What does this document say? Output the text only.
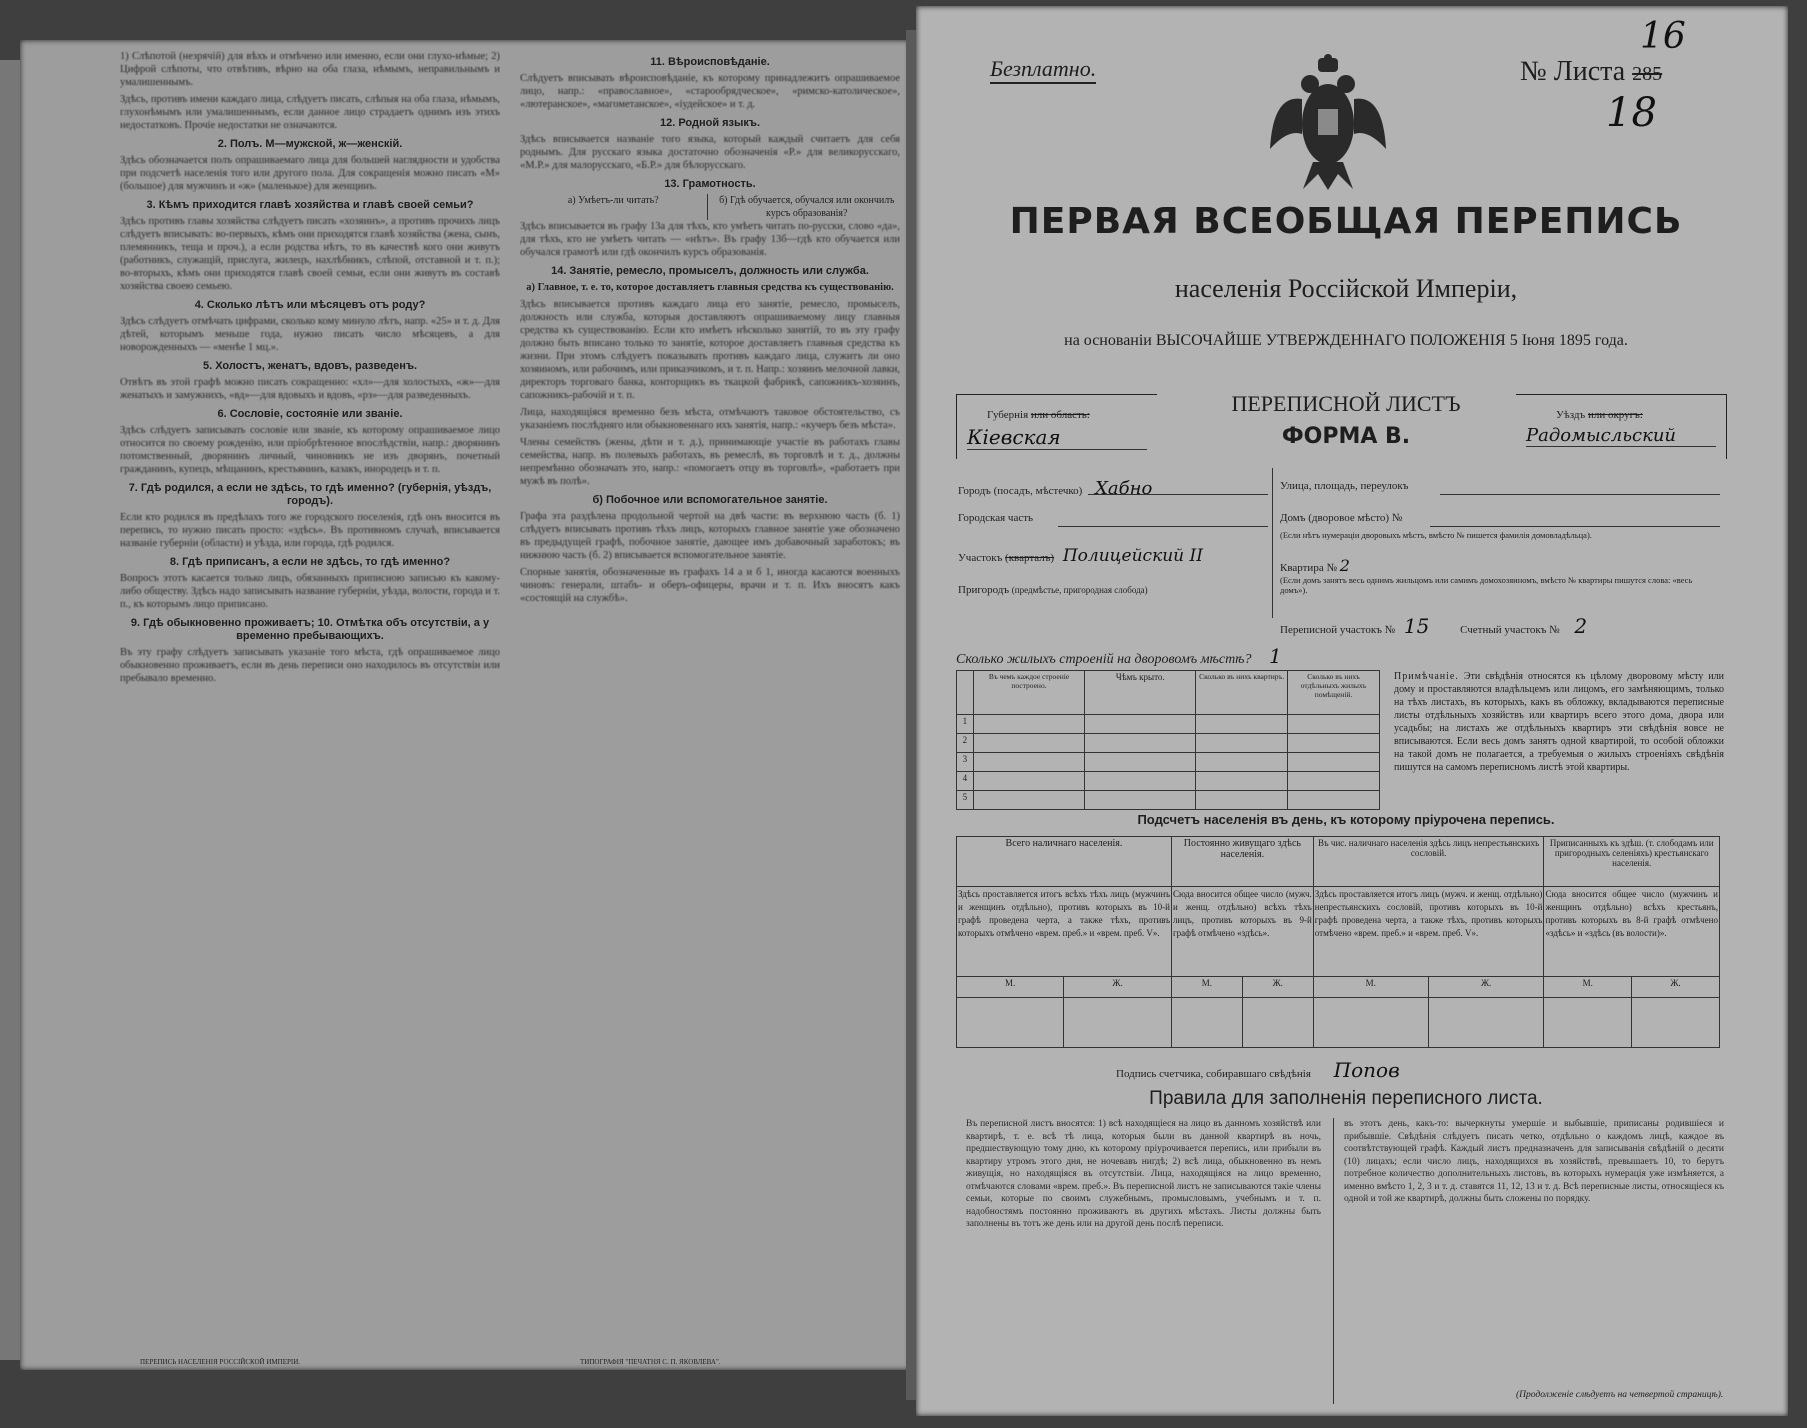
1) Слѣпотой (незрячій) для вѣхъ и отмѣчено или именно, если они глухо-нѣмые; 2) Цифрой слѣпоты, что отвѣтивъ, вѣрно на оба глаза, нѣмымъ, неправильнымъ и умалишеннымъ.

Здѣсь, противъ имени каждаго лица, слѣдуетъ писать, слѣпыя на оба глаза, нѣмымъ, глухонѣмымъ или умалишеннымъ, если данное лицо страдаетъ однимъ изъ этихъ недостатковъ. Прочіе недостатки не означаются.

2. Полъ. М—мужской, ж—женскій.

Здѣсь обозначается полъ опрашиваемаго лица для большей наглядности и удобства при подсчетѣ населенія того или другого пола. Для сокращенія можно писать «М» (большое) для мужчинъ и «ж» (маленькое) для женщинъ.

3. Кѣмъ приходится главѣ хозяйства и главѣ своей семьи?

Здѣсь противъ главы хозяйства слѣдуетъ писать «хозяинъ», а противъ прочихъ лицъ слѣдуетъ вписывать: во-первыхъ, кѣмъ они приходятся главѣ хозяйства (жена, сынъ, племянникъ, теща и проч.), а если родства нѣтъ, то въ качествѣ кого они живутъ (работникъ, служащій, прислуга, жилецъ, нахлѣбникъ, слѣпой, отставной и т. п.); во-вторыхъ, кѣмъ они приходятся главѣ своей семьи, если они живутъ въ составѣ хозяйства своею семьею.

4. Сколько лѣтъ или мѣсяцевъ отъ роду?

Здѣсь слѣдуетъ отмѣчать цифрами, сколько кому минуло лѣтъ, напр. «25» и т. д. Для дѣтей, которымъ меньше года, нужно писать число мѣсяцевъ, а для новорожденныхъ — «менѣе 1 мц.».

5. Холостъ, женатъ, вдовъ, разведенъ.

Отвѣтъ въ этой графѣ можно писать сокращенно: «хл»—для холостыхъ, «ж»—для женатыхъ и замужнихъ, «вд»—для вдовыхъ и вдовъ, «рз»—для разведенныхъ.

6. Сословіе, состояніе или званіе.

Здѣсь слѣдуетъ записывать сословіе или званіе, къ которому опрашиваемое лицо относится по своему рожденію, или пріобрѣтенное впослѣдствіи, напр.: дворянинъ потомственный, дворянинъ личный, чиновникъ не изъ дворянъ, почетный гражданинъ, купецъ, мѣщанинъ, крестьянинъ, казакъ, инородецъ и т. п.

7. Гдѣ родился, а если не здѣсь, то гдѣ именно? (губернія, уѣздъ, городъ).

Если кто родился въ предѣлахъ того же городского поселенія, гдѣ онъ вносится въ перепись, то нужно писать просто: «здѣсь». Въ противномъ случаѣ, вписывается названіе губерніи (области) и уѣзда, или города, гдѣ родился.

8. Гдѣ приписанъ, а если не здѣсь, то гдѣ именно?

Вопросъ этотъ касается только лицъ, обязанныхъ приписною записью къ какому-либо обществу. Здѣсь надо записывать название губерніи, уѣзда, волости, города и т. п., къ которымъ лицо приписано.

9. Гдѣ обыкновенно проживаетъ; 10. Отмѣтка объ отсутствіи, а у временно пребывающихъ.

Въ эту графу слѣдуетъ записывать указаніе того мѣста, гдѣ опрашиваемое лицо обыкновенно проживаетъ, если въ день переписи оно находилось въ отсутствіи или пребывало временно.

ПЕРЕПИСЬ НАСЕЛЕНІЯ РОССІЙСКОЙ ИМПЕРІИ.
11. Вѣроисповѣданіе.

Слѣдуетъ вписывать вѣроисповѣданіе, къ которому принадлежитъ опрашиваемое лицо, напр.: «православное», «старообрядческое», «римско-католическое», «лютеранское», «магометанское», «іудейское» и т. д.

12. Родной языкъ.

Здѣсь вписывается названіе того языка, который каждый считаетъ для себя роднымъ. Для русскаго языка достаточно обозначенія «Р.» для великорусскаго, «М.Р.» для малорусскаго, «Б.Р.» для бѣлорусскаго.

13. Грамотность.
а) Умѣетъ-ли читать?	б) Гдѣ обучается, обучался или окончилъ курсъ образованія?

Здѣсь вписывается въ графу 13а для тѣхъ, кто умѣетъ читать по-русски, слово «да», для тѣхъ, кто не умѣетъ читать — «нѣтъ». Въ графу 13б—гдѣ кто обучается или обучался грамотѣ или гдѣ окончилъ курсъ образованія.

14. Занятіе, ремесло, промыселъ, должность или служба.

а) Главное, т. е. то, которое доставляетъ главныя средства къ существованію.

Здѣсь вписывается противъ каждаго лица его занятіе, ремесло, промыселъ, должность или служба, которыя доставляютъ опрашиваемому лицу главныя средства къ существованію. Если кто имѣетъ нѣсколько занятій, то въ эту графу должно быть вписано только то занятіе, которое доставляетъ главныя средства къ жизни. При этомъ слѣдуетъ показывать противъ каждаго лица, служитъ ли оно хозяиномъ, или рабочимъ, или приказчикомъ, и т. п. Напр.: хозяинъ мелочной лавки, директоръ торговаго банка, конторщикъ въ ткацкой фабрикѣ, сапожникъ-хозяинъ, сапожникъ-рабочій и т. п.

Лица, находящіяся временно безъ мѣста, отмѣчаютъ таковое обстоятельство, съ указаніемъ послѣдняго или обыкновеннаго ихъ занятія, напр.: «кучеръ безъ мѣста».

Члены семействъ (жены, дѣти и т. д.), принимающіе участіе въ работахъ главы семейства, напр. въ полевыхъ работахъ, въ ремеслѣ, въ торговлѣ и т. д., должны непремѣнно обозначать это, напр.: «помогаетъ отцу въ торговлѣ», «работаетъ при мужѣ въ полѣ».

б) Побочное или вспомогательное занятіе.

Графа эта раздѣлена продольной чертой на двѣ части: въ верхнюю часть (б. 1) слѣдуетъ вписывать противъ тѣхъ лицъ, которыхъ главное занятіе уже обозначено въ предыдущей графѣ, побочное занятіе, дающее имъ добавочный заработокъ; въ нижнюю часть (б. 2) вписывается вспомогательное занятіе.

Спорные занятія, обозначенные въ графахъ 14 а и б 1, иногда касаются военныхъ чиновъ: генерали, штабъ- и оберъ-офицеры, врачи и т. п. Ихъ вносятъ какъ «состоящій на службѣ».

ТИПОГРАФІЯ "ПЕЧАТНЯ С. П. ЯКОВЛЕВА".
Безплатно.	№ Листа 285
16
18
ПЕРВАЯ ВСЕОБЩАЯ ПЕРЕПИСЬ
населенія Россійской Имперіи,
на основаніи ВЫСОЧАЙШЕ УТВЕРЖДЕННАГО ПОЛОЖЕНІЯ 5 Іюня 1895 года.
Губернія или область:
Кiевская
ПЕРЕПИСНОЙ ЛИСТЪ
ФОРМА В.
Уѣздъ или округъ:
Радомысльский
Городъ (посадъ, мѣстечко) Хабно
Городская часть
Участокъ (кварталъ) Полицейский II
Пригородъ (предмѣстье, пригородная слобода)
Улица, площадь, переулокъ
Домъ (дворовое мѣсто) №
(Если нѣтъ нумераціи дворовыхъ мѣстъ, вмѣсто № пишется фамилія домовладѣльца).
Квартира № 2
(Если домъ занятъ весь однимъ жильцомъ или самимъ домохозяиномъ, вмѣсто № квартиры пишутся слова: «весь домъ»).
Переписной участокъ № 15	Счетный участокъ № 2
Сколько жилыхъ строеній на дворовомъ мѣстѣ? 1
	Въ чемъ каждое строеніе построено.	Чѣмъ крыто.	Сколько въ нихъ квартиръ.	Сколько въ нихъ отдѣльныхъ жилыхъ помѣщеній.
1				
2				
3				
4				
5				
Примѣчаніе. Эти свѣдѣнія относятся къ цѣлому дворовому мѣсту или дому и проставляются владѣльцемъ или лицомъ, его замѣняющимъ, только на тѣхъ листахъ, въ которыхъ, какъ въ обложку, вкладываются переписные листы отдѣльныхъ хозяйствъ или квартиръ всего этого дома, двора или усадьбы; на листахъ же отдѣльныхъ квартиръ эти свѣдѣнія вовсе не вписываются. Если весь домъ занятъ одной квартирой, то особой обложки на такой домъ не полагается, а требуемыя о жилыхъ строеніяхъ свѣдѣнія пишутся на самомъ переписномъ листѣ этой квартиры.
Подсчетъ населенія въ день, къ которому пріурочена перепись.
Всего наличнаго населенія.		Постоянно живущаго здѣсь населенія.		Въ чис. наличнаго населенія здѣсь лицъ непрестьянскихъ сословій.		Приписанныхъ къ здѣш. (т. слободамъ или пригородныхъ селеніяхъ) крестьянскаго населенія.	
Здѣсь проставляется итогъ всѣхъ тѣхъ лицъ (мужчинъ и женщинъ отдѣльно), противъ которыхъ въ 10-й графѣ проведена черта, а также тѣхъ, противъ которыхъ отмѣчено «врем. преб.» и «врем. преб. V».		Сюда вносится общее число (мужч. и женщ. отдѣльно) всѣхъ тѣхъ лицъ, противъ которыхъ въ 9-й графѣ отмѣчено «здѣсь».		Здѣсь проставляется итогъ лицъ (мужч. и женщ. отдѣльно) непрестьянскихъ сословій, противъ которыхъ въ 10-й графѣ проведена черта, а также тѣхъ, противъ которыхъ отмѣчено «врем. преб.» и «врем. преб. V».		Сюда вносится общее число (мужчинъ и женщинъ отдѣльно) всѣхъ крестьянъ, противъ которыхъ въ 8-й графѣ отмѣчено «здѣсь» и «здѣсь (въ волости)».	
М.	Ж.	М.	Ж.	М.	Ж.	М.	Ж.

Подпись счетчика, собиравшаго свѣдѣнія Попов
Правила для заполненія переписного листа.
Въ переписной листъ вносятся: 1) всѣ находящіеся на лицо въ данномъ хозяйствѣ или квартирѣ, т. е. всѣ тѣ лица, которыя были въ данной квартирѣ въ ночь, предшествующую тому дню, къ которому пріурочивается перепись, или прибыли въ квартиру утромъ этого дня, не ночевавъ нигдѣ; 2) всѣ лица, обыкновенно въ немъ живущія, но находящіяся въ отсутствіи. Лица, находящіяся на лицо временно, отмѣчаются словами «врем. преб.». Въ переписной листъ не записываются такіе члены семьи, которые по своимъ служебнымъ, промысловымъ, учебнымъ и т. п. надобностямъ постоянно проживаютъ въ другихъ мѣстахъ. Листы должны быть заполнены въ тотъ же день или на другой день послѣ переписи.
въ этотъ день, какъ-то: вычеркнуты умершіе и выбывшіе, приписаны родившіеся и прибывшіе. Свѣдѣнія слѣдуетъ писать четко, отдѣльно о каждомъ лицѣ, каждое въ соотвѣтствующей графѣ. Каждый листъ предназначенъ для записыванія свѣдѣній о десяти (10) лицахъ; если число лицъ, находящихся въ хозяйствѣ, превышаетъ 10, то берутъ потребное количество дополнительныхъ листовъ, въ которыхъ нумерація уже измѣняется, а именно вмѣсто 1, 2, 3 и т. д. ставятся 11, 12, 13 и т. д. Всѣ переписные листы, относящіеся къ одной и той же квартирѣ, должны быть сложены по порядку.
(Продолженіе слѣдуетъ на четвертой страницѣ).
